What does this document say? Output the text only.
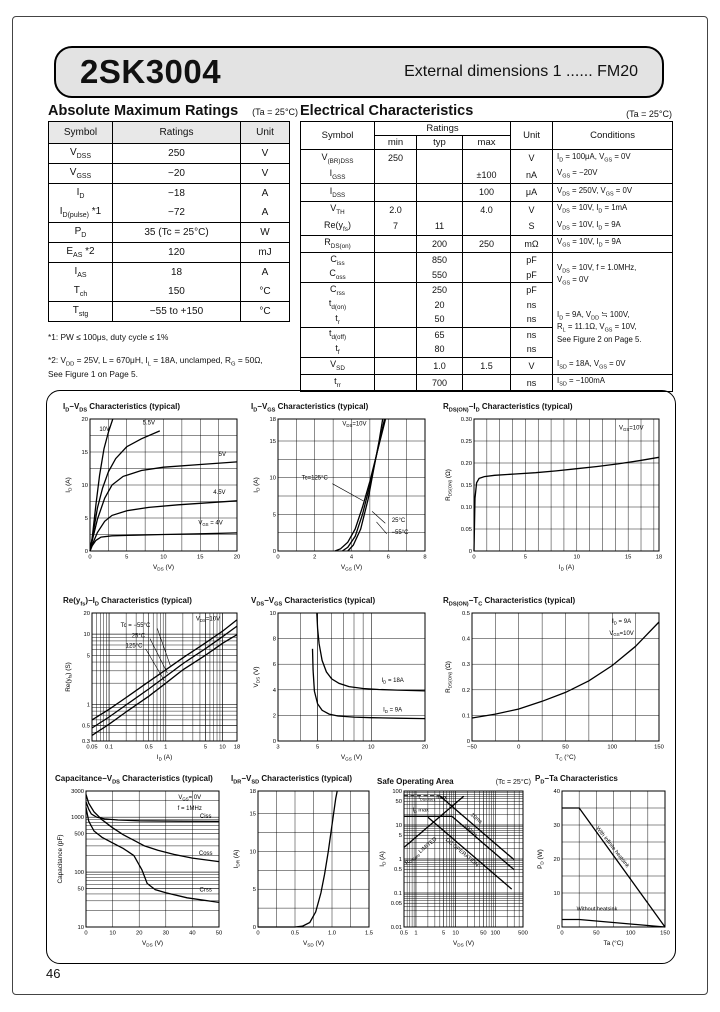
2SK3004	External dimensions 1 ...... FM20
Absolute Maximum Ratings (Ta = 25°C) Electrical Characteristics	(Ta = 25°C)
Symbol	Ratings	Unit
$V_{DSS}$	250	V
$V_{GSS}$	−20	V
$I_D$	−18	A
$I_{D(pulse)}$ *1	−72	A
$P_D$	35 (Tc = 25°C)	W
$E_{AS}$ *2	120	mJ
$I_{AS}$	18	A
$T_{ch}$	150	°C
$T_{stg}$	−55 to +150	°C
Symbol	Ratings			Unit	Conditions
	min	typ	max		
$V_{(BR)DSS}$	250			V	$I_D = 100\mu A$, $V_{GS} = 0V$
$I_{GSS}$			±100	nA	$V_{GS} = -20V$
$I_{DSS}$			100	μA	$V_{DS} = 250V$, $V_{GS} = 0V$
$V_{TH}$	2.0		4.0	V	$V_{DS} = 10V$, $I_D = 1mA$
$Re(y_{fs})$	7	11		S	$V_{DS} = 10V$, $I_D = 9A$
$R_{DS(on)}$		200	250	mΩ	$V_{GS} = 10V$, $I_D = 9A$
$C_{iss}$		850		pF	$V_{DS} = 10V$, f = 1.0MHz,
$V_{GS} = 0V$
$C_{oss}$		550		pF	
$C_{rss}$		250		pF	
$t_{d(on)}$		20		ns	$I_D = 9A$, $V_{DD}$ ≒ 100V,
$R_L = 11.1\Omega$, $V_{GS} = 10V$,
See Figure 2 on Page 5.
$t_r$		50		ns	
$t_{d(off)}$		65		ns	
$t_f$		80		ns	
$V_{SD}$		1.0	1.5	V	$I_{SD} = 18A$, $V_{GS} = 0V$
$t_{rr}$		700		ns	$I_{SD} = -100mA$

*1: PW ≤ 100μs, duty cycle ≤ 1%

*2: $V_{DD} = 25V$, L = 670μH, $I_L = 18A$, unclamped, $R_G = 50\Omega$,
See Figure 1 on Page 5.

$I_D-V_{DS}$ Characteristics (typical)
0	5	10	15	20
0
5
10
15
20
$V_{DS}$ (V)
$I_D$ (A)
10V
5.5V
5V
4.5V
$V_{GS} = 4V$
$I_D-V_{GS}$ Characteristics (typical)
0	2	4	6	8
0
5
10
15
18
$V_{GS}$ (V)
$I_D$ (A)
$V_{DS}=10V$
Tc=125°C
25°C
−55°C
$R_{DS(ON)}-I_D$ Characteristics (typical)
0	5	10	15	18
0
0.05
0.10
0.15
0.20
0.25
0.30
$I_D$ (A)
$R_{DS(ON)}$ (Ω)
$V_{GS}=10V$
$Re(y_{fs})-I_D$ Characteristics (typical)
0.05 0.1	0.5 1	5 10 18
0.3
0.5
1
5
10
20
$I_D$ (A)
$Re(y_{fs})$ (S)
$V_{DS}=10V$
Tc = −55°C
25°C
125°C
$V_{DS}-V_{GS}$ Characteristics (typical)
3	5	10	20
0
2
4
6
8
10
$V_{GS}$ (V)
$V_{DS}$ (V)
$I_D = 18A$
$I_D = 9A$
$R_{DS(ON)}-T_C$ Characteristics (typical)
−50	0	50	100	150
0
0.1
0.2
0.3
0.4
0.5
$T_C$ (°C)
$R_{DS(ON)}$ (Ω)
$I_D = 9A$
$V_{GS}=10V$
$Capacitance-V_{DS}$ Characteristics (typical)
0	10	20	30	40	50
10
50
100
500
1000
3000
$V_{DS}$ (V)
Capacitance (pF)
$V_{GS}= 0V$
f = 1MHz
Ciss
Coss
Crss
$I_{DR}-V_{SD}$ Characteristics (typical)
0	0.5	1.0	1.5
0
5
10
15
18
$V_{SD}$ (V)
$I_{DR}$ (A)
Safe Operating Area	(Tc = 25°C)
0.5 1	5 10	50 100	500
0.01
0.05
0.1
0.5
1
5
10
50
100
$V_{DS}$ (V)
$I_D$ (A)
$I_{D(pulse)}$ max
$I_D$ max
10ms
100ms
DC OPERATION
$R_{DS(on)}$ LIMITED
$P_D-Ta$ Characteristics
0	50	100	150
0
10
20
30
40
Ta (°C)
$P_D$ (W)	With infinite heatsink
Without heatsink
46
